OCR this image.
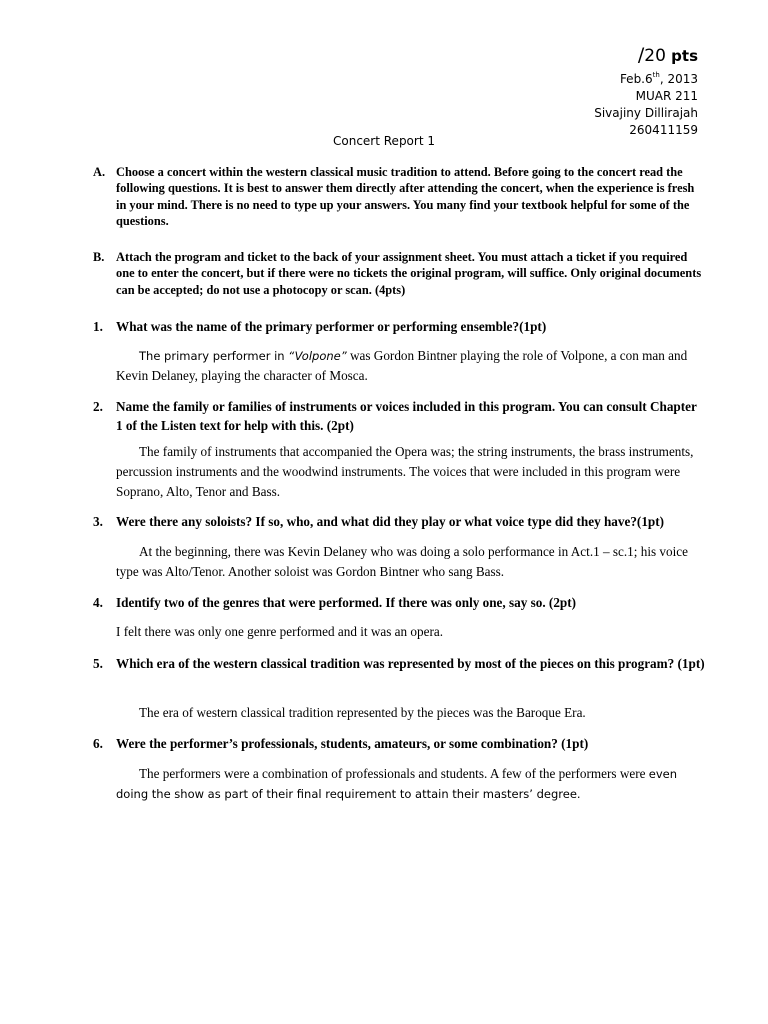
/20 pts
Feb.6th, 2013
MUAR 211
Sivajiny Dillirajah
260411159
Concert Report 1
A. Choose a concert within the western classical music tradition to attend. Before going to the concert read the following questions. It is best to answer them directly after attending the concert, when the experience is fresh in your mind. There is no need to type up your answers. You many find your textbook helpful for some of the questions.
B. Attach the program and ticket to the back of your assignment sheet. You must attach a ticket if you required one to enter the concert, but if there were no tickets the original program, will suffice. Only original documents can be accepted; do not use a photocopy or scan. (4pts)
1. What was the name of the primary performer or performing ensemble?(1pt)
The primary performer in “Volpone” was Gordon Bintner playing the role of Volpone, a con man and Kevin Delaney, playing the character of Mosca.
2. Name the family or families of instruments or voices included in this program. You can consult Chapter 1 of the Listen text for help with this. (2pt)
The family of instruments that accompanied the Opera was; the string instruments, the brass instruments, percussion instruments and the woodwind instruments. The voices that were included in this program were Soprano, Alto, Tenor and Bass.
3. Were there any soloists? If so, who, and what did they play or what voice type did they have?(1pt)
At the beginning, there was Kevin Delaney who was doing a solo performance in Act.1 – sc.1; his voice type was Alto/Tenor. Another soloist was Gordon Bintner who sang Bass.
4. Identify two of the genres that were performed. If there was only one, say so. (2pt)
I felt there was only one genre performed and it was an opera.
5. Which era of the western classical tradition was represented by most of the pieces on this program? (1pt)
The era of western classical tradition represented by the pieces was the Baroque Era.
6. Were the performer’s professionals, students, amateurs, or some combination? (1pt)
The performers were a combination of professionals and students. A few of the performers were even doing the show as part of their final requirement to attain their masters’ degree.
